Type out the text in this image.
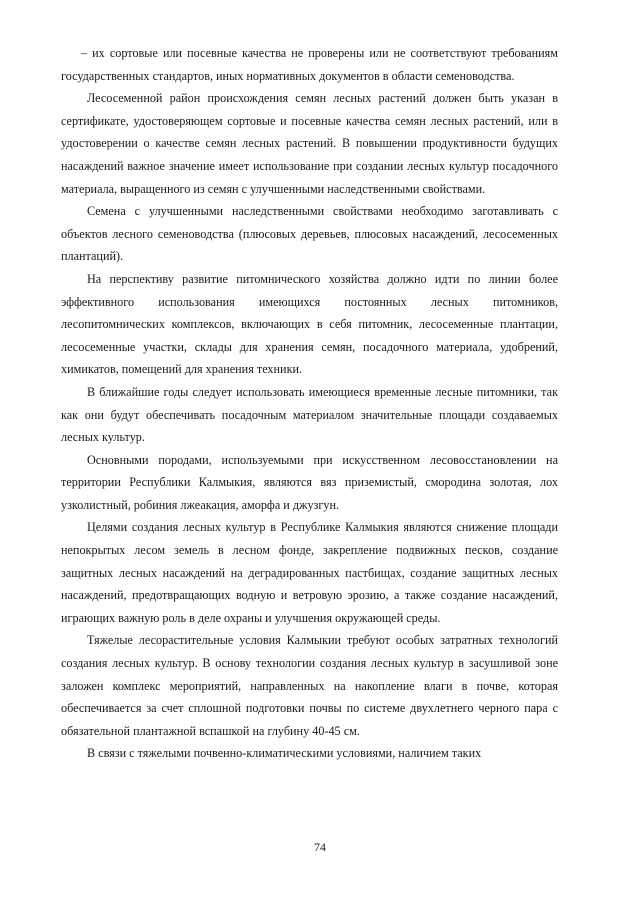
– их сортовые или посевные качества не проверены или не соответствуют требованиям государственных стандартов, иных нормативных документов в области семеноводства.

Лесосеменной район происхождения семян лесных растений должен быть указан в сертификате, удостоверяющем сортовые и посевные качества семян лесных растений, или в удостоверении о качестве семян лесных растений. В повышении продуктивности будущих насаждений важное значение имеет использование при создании лесных культур посадочного материала, выращенного из семян с улучшенными наследственными свойствами.

Семена с улучшенными наследственными свойствами необходимо заготавливать с объектов лесного семеноводства (плюсовых деревьев, плюсовых насаждений, лесосеменных плантаций).

На перспективу развитие питомнического хозяйства должно идти по линии более эффективного использования имеющихся постоянных лесных питомников, лесопитомнических комплексов, включающих в себя питомник, лесосеменные плантации, лесосеменные участки, склады для хранения семян, посадочного материала, удобрений, химикатов, помещений для хранения техники.

В ближайшие годы следует использовать имеющиеся временные лесные питомники, так как они будут обеспечивать посадочным материалом значительные площади создаваемых лесных культур.

Основными породами, используемыми при искусственном лесовосстановлении на территории Республики Калмыкия, являются вяз приземистый, смородина золотая, лох узколистный, робиния лжеакация, аморфа и джузгун.

Целями создания лесных культур в Республике Калмыкия являются снижение площади непокрытых лесом земель в лесном фонде, закрепление подвижных песков, создание защитных лесных насаждений на деградированных пастбищах, создание защитных лесных насаждений, предотвращающих водную и ветровую эрозию, а также создание насаждений, играющих важную роль в деле охраны и улучшения окружающей среды.

Тяжелые лесорастительные условия Калмыкии требуют особых затратных технологий создания лесных культур. В основу технологии создания лесных культур в засушливой зоне заложен комплекс мероприятий, направленных на накопление влаги в почве, которая обеспечивается за счет сплошной подготовки почвы по системе двухлетнего черного пара с обязательной плантажной вспашкой на глубину 40-45 см.

В связи с тяжелыми почвенно-климатическими условиями, наличием таких

74
